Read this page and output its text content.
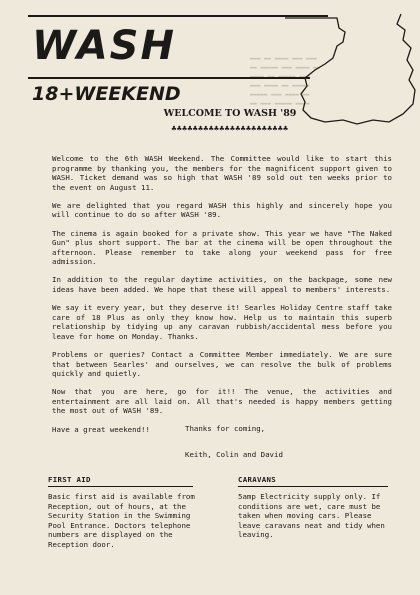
▬▬▬ ▬▬ ▬▬▬▬ ▬▬▬ ▬▬▬
▬▬ ▬▬▬▬▬ ▬▬▬ ▬▬▬▬ ▬▬
▬▬▬ ▬▬▬▬ ▬▬ ▬▬▬▬▬
▬▬▬▬▬ ▬▬▬ ▬▬▬▬ ▬▬
▬▬ ▬▬▬ ▬▬▬▬▬ ▬▬▬▬
WASH
18+WEEKEND
WELCOME TO WASH '89
♣♣♣♣♣♣♣♣♣♣♣♣♣♣♣♣♣♣♣♣♣♣

Welcome to the 6th WASH Weekend. The Committee would like to start this programme by thanking you, the members for the magnificent support given to WASH. Ticket demand was so high that WASH '89 sold out ten weeks prior to the event on August 11.

We are delighted that you regard WASH this highly and sincerely hope you will continue to do so after WASH '89.

The cinema is again booked for a private show. This year we have "The Naked Gun" plus short support. The bar at the cinema will be open throughout the afternoon. Please remember to take along your weekend pass for free admission.

In addition to the regular daytime activities, on the backpage, some new ideas have been added. We hope that these will appeal to members' interests.

We say it every year, but they deserve it! Searles Holiday Centre staff take care of 18 Plus as only they know how. Help us to maintain this superb relationship by tidying up any caravan rubbish/accidental mess before you leave for home on Monday. Thanks.

Problems or queries? Contact a Committee Member immediately. We are sure that between Searles' and ourselves, we can resolve the bulk of problems quickly and quietly.

Now that you are here, go for it!! The venue, the activities and entertainment are all laid on. All that's needed is happy members getting the most out of WASH '89.

Have a great weekend!!	Thanks for coming,
Keith, Colin and David
FIRST AID
Basic first aid is available from Reception, out of hours, at the Security Station in the Swimming Pool Entrance. Doctors telephone numbers are displayed on the Reception door.
CARAVANS
5amp Electricity supply only. If conditions are wet, care must be taken when moving cars. Please leave caravans neat and tidy when leaving.
